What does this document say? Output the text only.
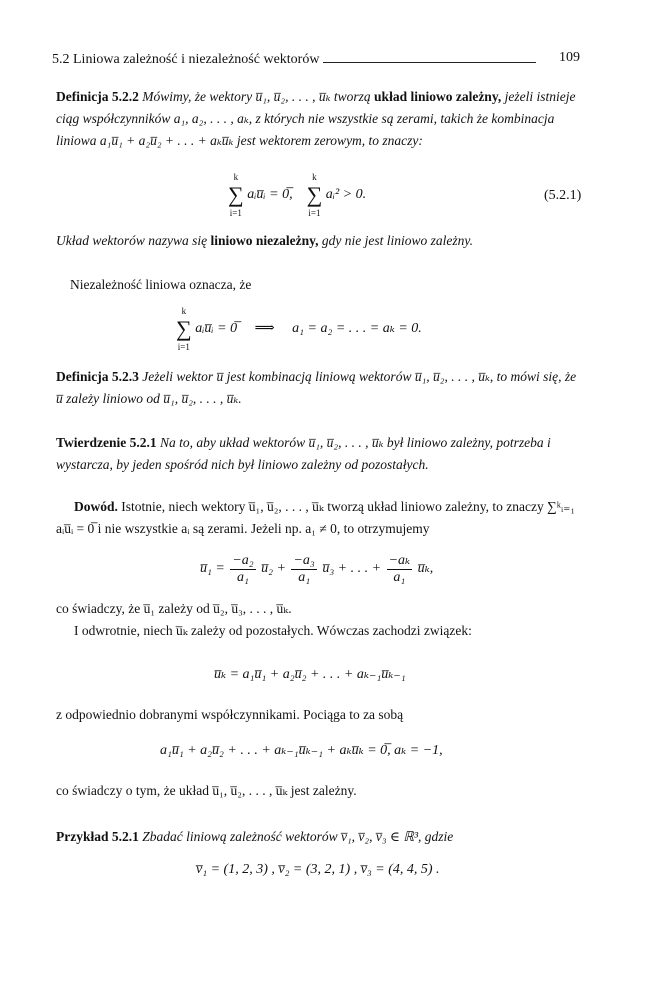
5.2 Liniowa zależność i niezależność wektorów	109
Definicja 5.2.2 Mówimy, że wektory u̅₁, u̅₂, . . . , u̅ₖ tworzą układ liniowo zależny, jeżeli istnieje ciąg współczynników a₁, a₂, . . . , aₖ, z których nie wszystkie są zerami, takich że kombinacja liniowa a₁u̅₁ + a₂u̅₂ + . . . + aₖu̅ₖ jest wektorem zerowym, to znaczy:
k
∑
i=1
aᵢu̅ᵢ = 0̅,
k
∑
i=1
aᵢ² > 0.	(5.2.1)
Układ wektorów nazywa się liniowo niezależny, gdy nie jest liniowo zależny.
Niezależność liniowa oznacza, że
k
∑
i=1
aᵢu̅ᵢ = 0̅ ⟹ a₁ = a₂ = . . . = aₖ = 0.
Definicja 5.2.3 Jeżeli wektor u̅ jest kombinacją liniową wektorów u̅₁, u̅₂, . . . , u̅ₖ, to mówi się, że u̅ zależy liniowo od u̅₁, u̅₂, . . . , u̅ₖ.
Twierdzenie 5.2.1 Na to, aby układ wektorów u̅₁, u̅₂, . . . , u̅ₖ był liniowo zależny, potrzeba i wystarcza, by jeden spośród nich był liniowo zależny od pozostałych.
Dowód. Istotnie, niech wektory u̅₁, u̅₂, . . . , u̅ₖ tworzą układ liniowo zależny, to znaczy ∑ᵏᵢ₌₁ aᵢu̅ᵢ = 0̅ i nie wszystkie aᵢ są zerami. Jeżeli np. a₁ ≠ 0, to otrzymujemy
u̅₁ = $\frac{\text{−a₂}}{\text{a₁}}$ u̅₂ + $\frac{\text{−a₃}}{\text{a₁}}$ u̅₃ + . . . + $\frac{\text{−aₖ}}{\text{a₁}}$ u̅ₖ,
co świadczy, że u̅₁ zależy od u̅₂, u̅₃, . . . , u̅ₖ.
I odwrotnie, niech u̅ₖ zależy od pozostałych. Wówczas zachodzi związek:
u̅ₖ = a₁u̅₁ + a₂u̅₂ + . . . + aₖ₋₁u̅ₖ₋₁
z odpowiednio dobranymi współczynnikami. Pociąga to za sobą
a₁u̅₁ + a₂u̅₂ + . . . + aₖ₋₁u̅ₖ₋₁ + aₖu̅ₖ = 0̅, aₖ = −1,
co świadczy o tym, że układ u̅₁, u̅₂, . . . , u̅ₖ jest zależny.
Przykład 5.2.1 Zbadać liniową zależność wektorów v̅₁, v̅₂, v̅₃ ∈ ℝ³, gdzie
v̅₁ = (1, 2, 3) , v̅₂ = (3, 2, 1) , v̅₃ = (4, 4, 5) .
